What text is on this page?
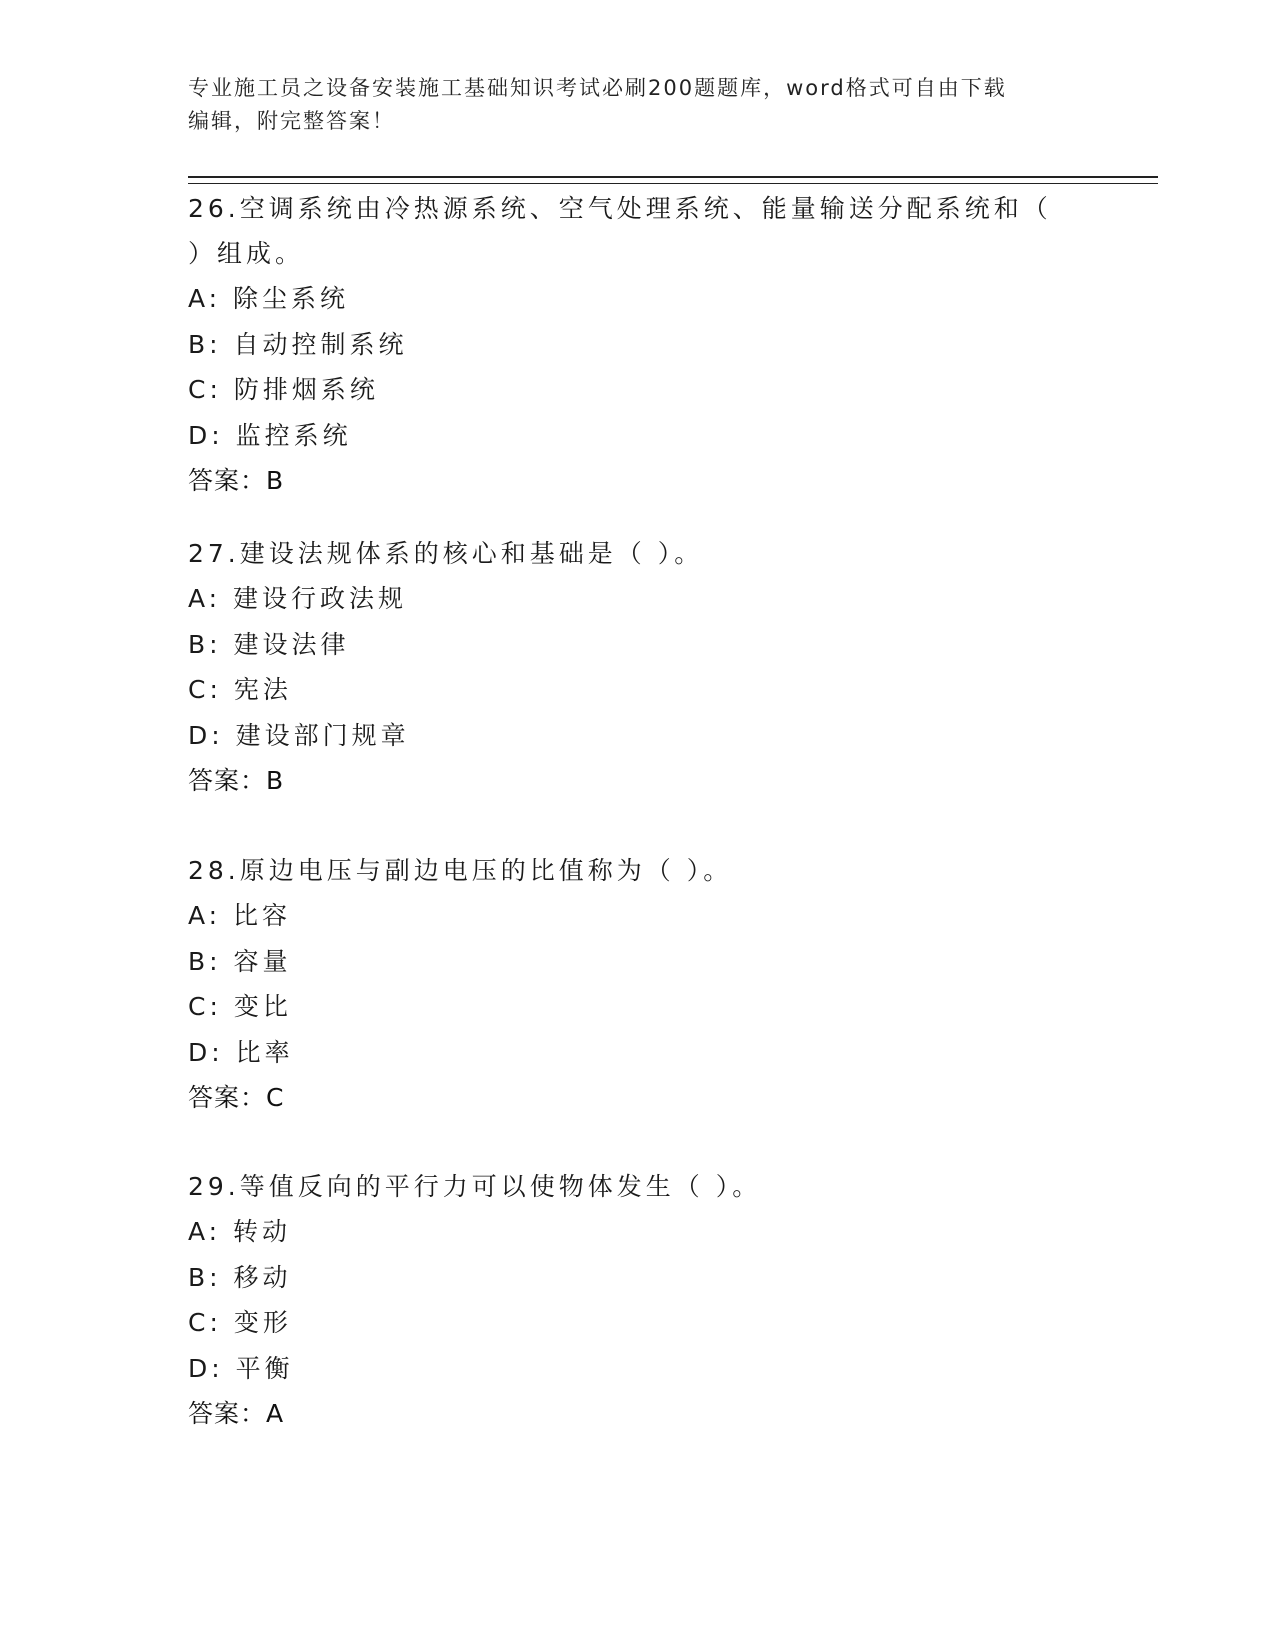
专业施工员之设备安装施工基础知识考试必刷200题题库，word格式可自由下载
编辑，附完整答案！
26.空调系统由冷热源系统、空气处理系统、能量输送分配系统和（
）组成。
A: 除尘系统
B: 自动控制系统
C: 防排烟系统
D: 监控系统
答案：B
27.建设法规体系的核心和基础是（ ）。
A: 建设行政法规
B: 建设法律
C: 宪法
D: 建设部门规章
答案：B
28.原边电压与副边电压的比值称为（ ）。
A: 比容
B: 容量
C: 变比
D: 比率
答案：C
29.等值反向的平行力可以使物体发生（ ）。
A: 转动
B: 移动
C: 变形
D: 平衡
答案：A
